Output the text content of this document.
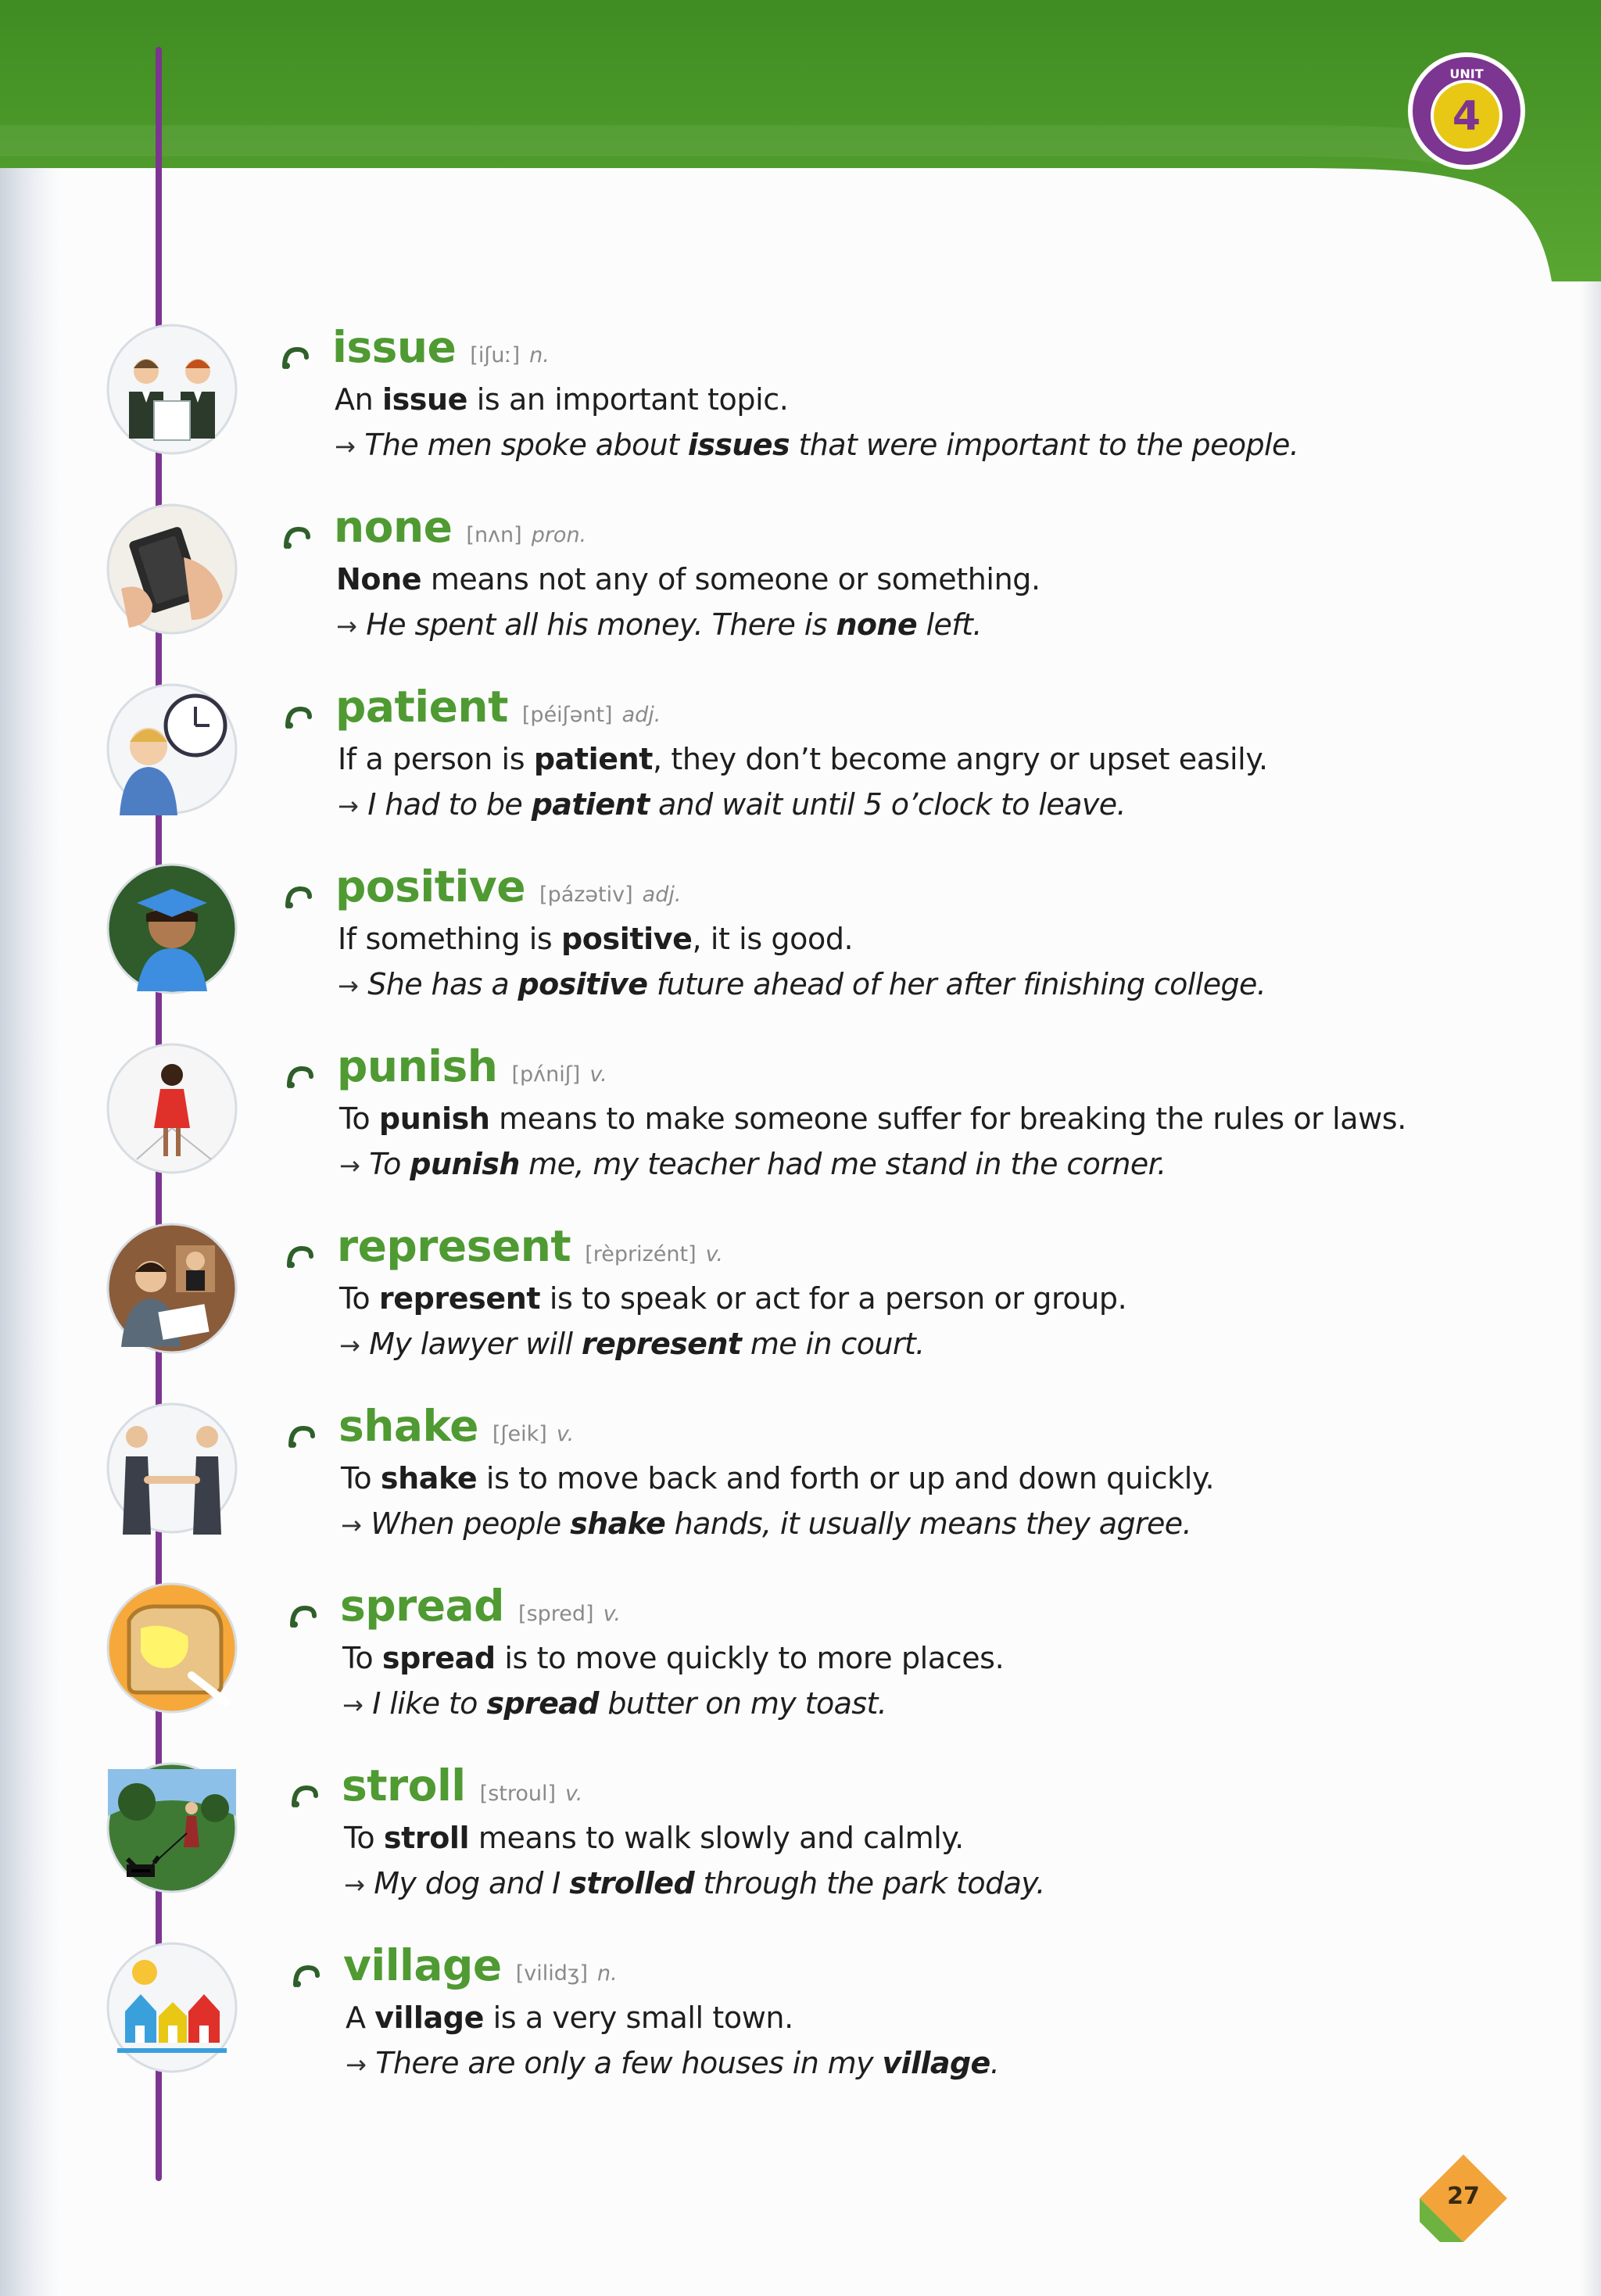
UNIT
4
issue [iʃuː] n.
An issue is an important topic.
→ The men spoke about issues that were important to the people.
none [nʌn] pron.
None means not any of someone or something.
→ He spent all his money. There is none left.
patient [péiʃənt] adj.
If a person is patient, they don’t become angry or upset easily.
→ I had to be patient and wait until 5 o’clock to leave.
positive [pázətiv] adj.
If something is positive, it is good.
→ She has a positive future ahead of her after finishing college.
punish [pʌ́niʃ] v.
To punish means to make someone suffer for breaking the rules or laws.
→ To punish me, my teacher had me stand in the corner.
represent [rèprizént] v.
To represent is to speak or act for a person or group.
→ My lawyer will represent me in court.
shake [ʃeik] v.
To shake is to move back and forth or up and down quickly.
→ When people shake hands, it usually means they agree.
spread [spred] v.
To spread is to move quickly to more places.
→ I like to spread butter on my toast.
stroll [stroul] v.
To stroll means to walk slowly and calmly.
→ My dog and I strolled through the park today.
village [vilidʒ] n.
A village is a very small town.
→ There are only a few houses in my village.
27
